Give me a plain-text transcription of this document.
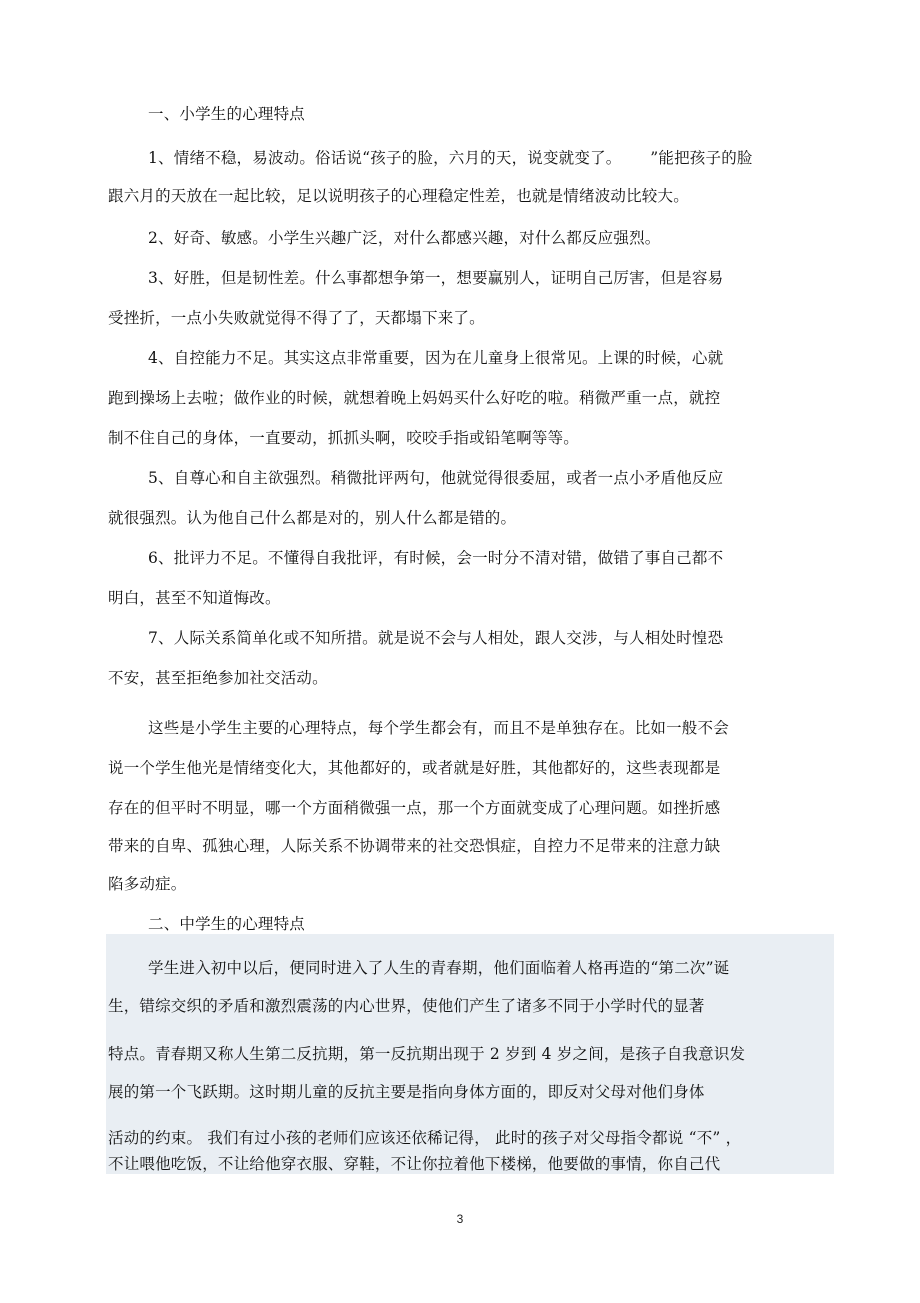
一、小学生的心理特点
1、情绪不稳，易波动。俗话说“孩子的脸，六月的天，说变就变了。　　 ”能把孩子的脸
跟六月的天放在一起比较，足以说明孩子的心理稳定性差，也就是情绪波动比较大。
2、好奇、敏感。小学生兴趣广泛，对什么都感兴趣，对什么都反应强烈。
3、好胜，但是韧性差。什么事都想争第一，想要赢别人，证明自己厉害，但是容易
受挫折，一点小失败就觉得不得了了，天都塌下来了。
4、自控能力不足。其实这点非常重要，因为在儿童身上很常见。上课的时候，心就
跑到操场上去啦；做作业的时候，就想着晚上妈妈买什么好吃的啦。稍微严重一点，就控
制不住自己的身体，一直要动，抓抓头啊，咬咬手指或铅笔啊等等。
5、自尊心和自主欲强烈。稍微批评两句，他就觉得很委屈，或者一点小矛盾他反应
就很强烈。认为他自己什么都是对的，别人什么都是错的。
6、批评力不足。不懂得自我批评，有时候，会一时分不清对错，做错了事自己都不
明白，甚至不知道悔改。
7、人际关系简单化或不知所措。就是说不会与人相处，跟人交涉，与人相处时惶恐
不安，甚至拒绝参加社交活动。
这些是小学生主要的心理特点，每个学生都会有，而且不是单独存在。比如一般不会
说一个学生他光是情绪变化大，其他都好的，或者就是好胜，其他都好的，这些表现都是
存在的但平时不明显，哪一个方面稍微强一点，那一个方面就变成了心理问题。如挫折感
带来的自卑、孤独心理，人际关系不协调带来的社交恐惧症，自控力不足带来的注意力缺
陷多动症。
二、中学生的心理特点
学生进入初中以后，便同时进入了人生的青春期，他们面临着人格再造的“第二次”诞
生，错综交织的矛盾和激烈震荡的内心世界，使他们产生了诸多不同于小学时代的显著
特点。青春期又称人生第二反抗期，第一反抗期出现于 2 岁到 4 岁之间，是孩子自我意识发
展的第一个飞跃期。这时期儿童的反抗主要是指向身体方面的，即反对父母对他们身体
活动的约束。 我们有过小孩的老师们应该还依稀记得， 此时的孩子对父母指令都说 “不” ，
不让喂他吃饭，不让给他穿衣服、穿鞋，不让你拉着他下楼梯，他要做的事情，你自己代
3
